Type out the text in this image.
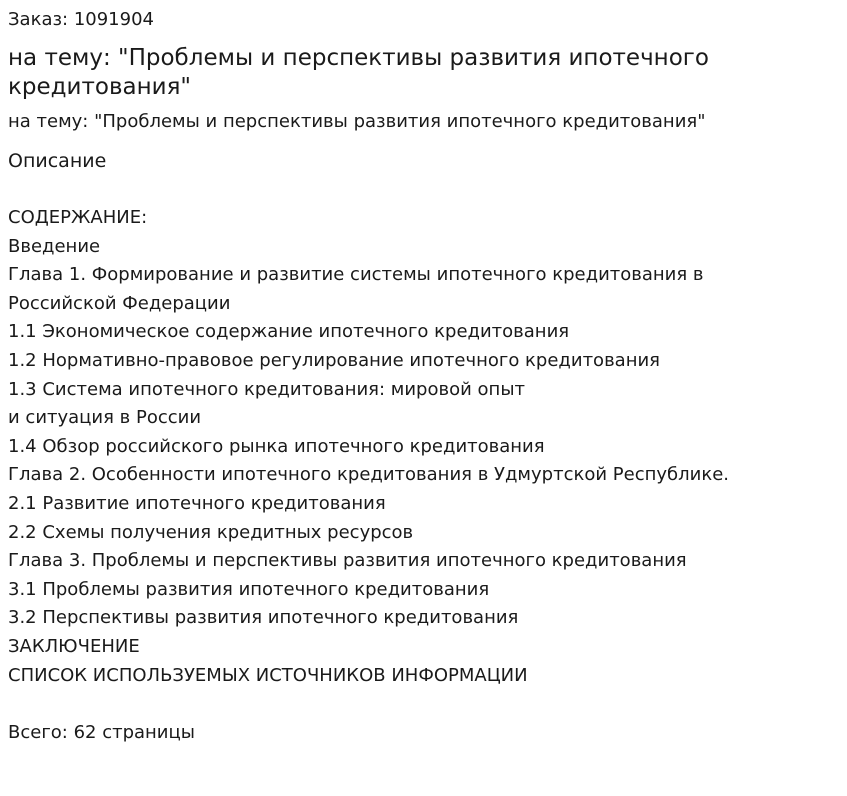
Заказ: 1091904
на тему: "Проблемы и перспективы развития ипотечного
кредитования"
на тему: "Проблемы и перспективы развития ипотечного кредитования"
Описание
СОДЕРЖАНИЕ:
Введение
Глава 1. Формирование и развитие системы ипотечного кредитования в
Российской Федерации
1.1 Экономическое содержание ипотечного кредитования
1.2 Нормативно-правовое регулирование ипотечного кредитования
1.3 Система ипотечного кредитования: мировой опыт
и ситуация в России
1.4 Обзор российского рынка ипотечного кредитования
Глава 2. Особенности ипотечного кредитования в Удмуртской Республике.
2.1 Развитие ипотечного кредитования
2.2 Схемы получения кредитных ресурсов
Глава 3. Проблемы и перспективы развития ипотечного кредитования
3.1 Проблемы развития ипотечного кредитования
3.2 Перспективы развития ипотечного кредитования
ЗАКЛЮЧЕНИЕ
СПИСОК ИСПОЛЬЗУЕМЫХ ИСТОЧНИКОВ ИНФОРМАЦИИ
Всего: 62 страницы
